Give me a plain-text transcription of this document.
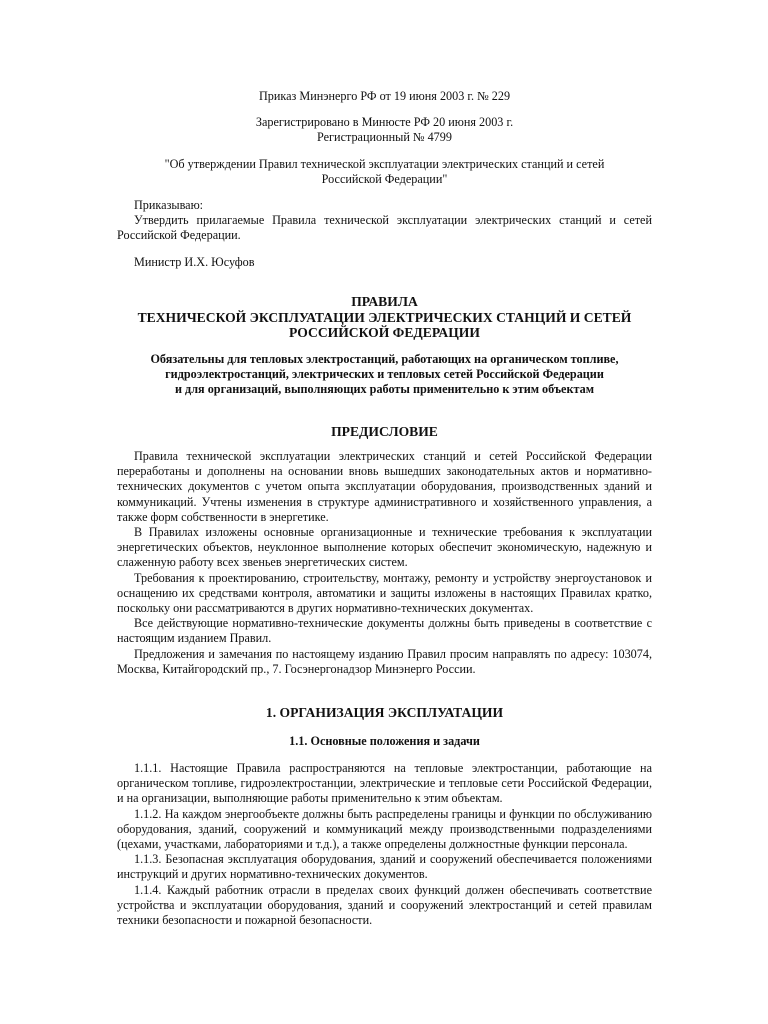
Приказ Минэнерго РФ от 19 июня 2003 г. № 229
Зарегистрировано в Минюсте РФ 20 июня 2003 г.
Регистрационный № 4799
"Об утверждении Правил технической эксплуатации электрических станций и сетей
Российской Федерации"
Приказываю:

Утвердить прилагаемые Правила технической эксплуатации электрических станций и сетей Российской Федерации.

Министр И.Х. Юсуфов
ПРАВИЛА
ТЕХНИЧЕСКОЙ ЭКСПЛУАТАЦИИ ЭЛЕКТРИЧЕСКИХ СТАНЦИЙ И СЕТЕЙ
РОССИЙСКОЙ ФЕДЕРАЦИИ
Обязательны для тепловых электростанций, работающих на органическом топливе,
гидроэлектростанций, электрических и тепловых сетей Российской Федерации
и для организаций, выполняющих работы применительно к этим объектам
ПРЕДИСЛОВИЕ

Правила технической эксплуатации электрических станций и сетей Российской Федерации переработаны и дополнены на основании вновь вышедших законодательных актов и нормативно-технических документов с учетом опыта эксплуатации оборудования, производственных зданий и коммуникаций. Учтены изменения в структуре административного и хозяйственного управления, а также форм собственности в энергетике.

В Правилах изложены основные организационные и технические требования к эксплуатации энергетических объектов, неуклонное выполнение которых обеспечит экономическую, надежную и слаженную работу всех звеньев энергетических систем.

Требования к проектированию, строительству, монтажу, ремонту и устройству энергоустановок и оснащению их средствами контроля, автоматики и защиты изложены в настоящих Правилах кратко, поскольку они рассматриваются в других нормативно-технических документах.

Все действующие нормативно-технические документы должны быть приведены в соответствие с настоящим изданием Правил.

Предложения и замечания по настоящему изданию Правил просим направлять по адресу: 103074, Москва, Китайгородский пр., 7. Госэнергонадзор Минэнерго России.

1. ОРГАНИЗАЦИЯ ЭКСПЛУАТАЦИИ
1.1. Основные положения и задачи

1.1.1. Настоящие Правила распространяются на тепловые электростанции, работающие на органическом топливе, гидроэлектростанции, электрические и тепловые сети Российской Федерации, и на организации, выполняющие работы применительно к этим объектам.

1.1.2. На каждом энергообъекте должны быть распределены границы и функции по обслуживанию оборудования, зданий, сооружений и коммуникаций между производственными подразделениями (цехами, участками, лабораториями и т.д.), а также определены должностные функции персонала.

1.1.3. Безопасная эксплуатация оборудования, зданий и сооружений обеспечивается положениями инструкций и других нормативно-технических документов.

1.1.4. Каждый работник отрасли в пределах своих функций должен обеспечивать соответствие устройства и эксплуатации оборудования, зданий и сооружений электростанций и сетей правилам техники безопасности и пожарной безопасности.
